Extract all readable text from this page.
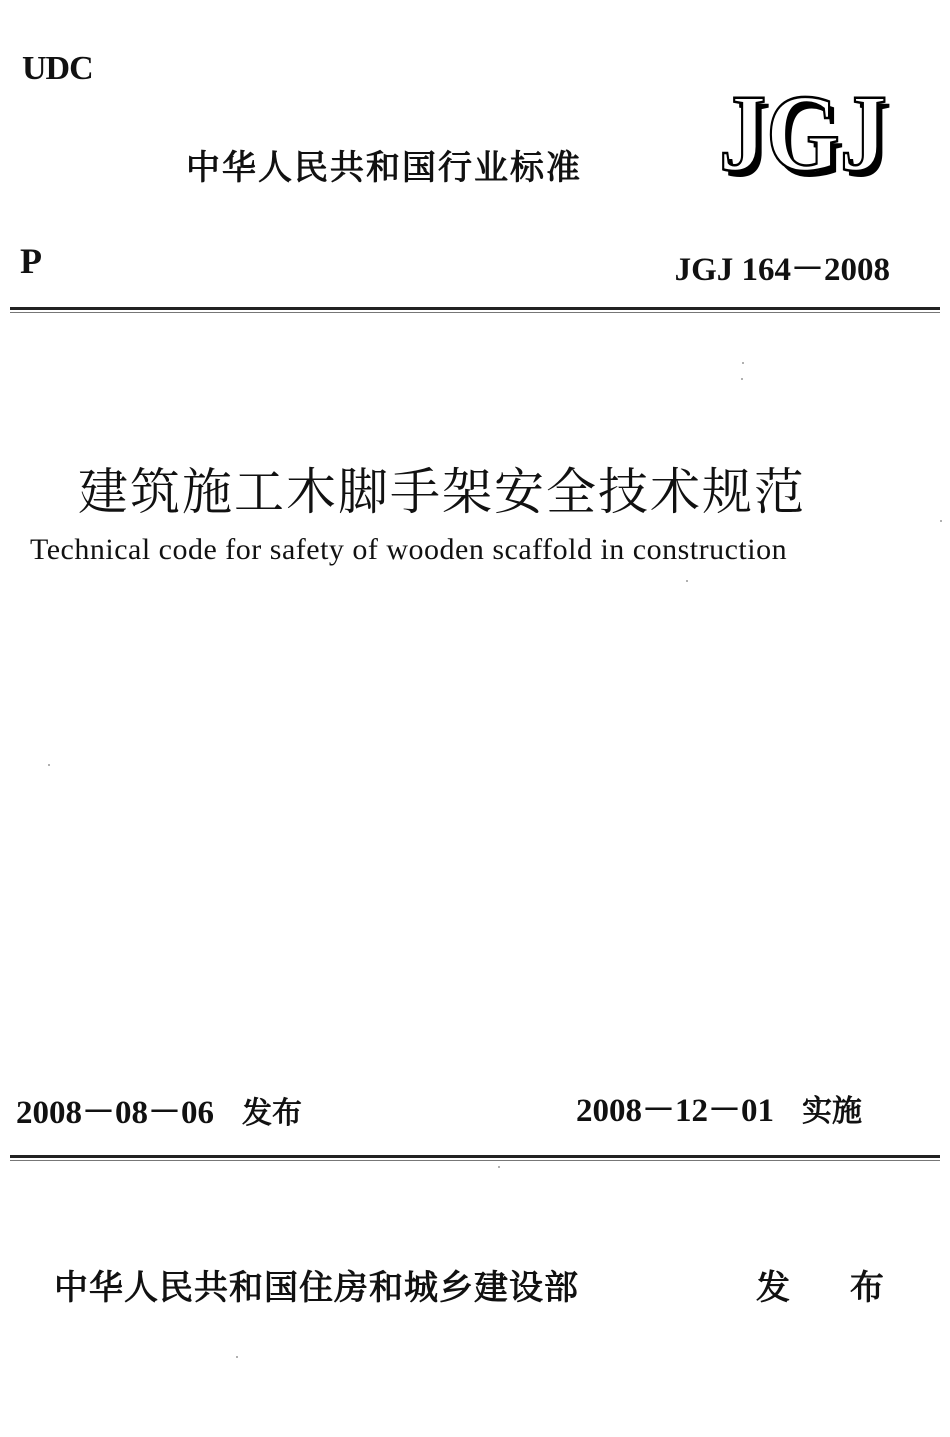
UDC
中华人民共和国行业标准 JGJ
JGJ
P	JGJ 164－2008
建筑施工木脚手架安全技术规范
Technical code for safety of wooden scaffold in construction
2008－08－06 发布	2008－12－01 实施
中华人民共和国住房和城乡建设部	发 布
